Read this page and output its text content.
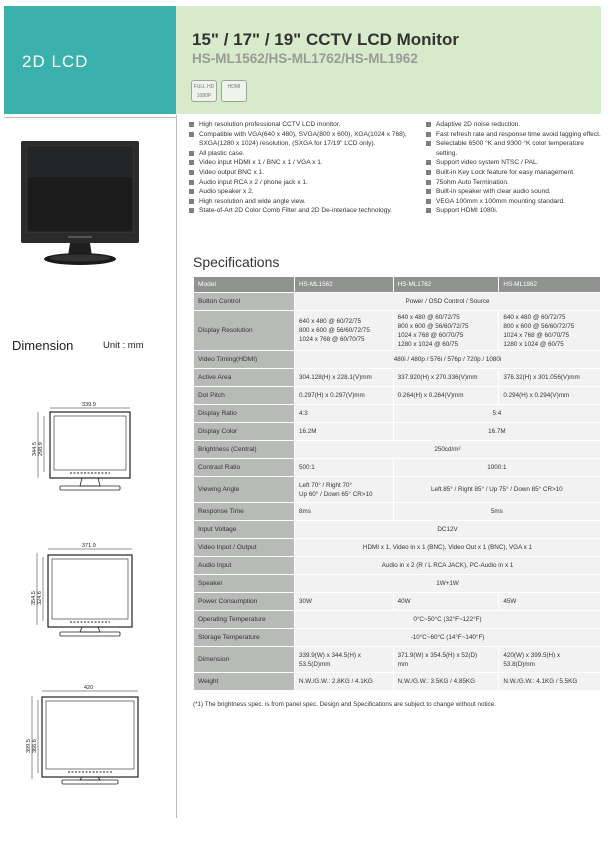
2D LCD
15" / 17" / 19" CCTV LCD Monitor
HS-ML1562/HS-ML1762/HS-ML1962
FULL HD 1080P
HDMI
High resolution professional CCTV LCD monitor.
Compatible with VGA(640 x 480), SVGA(800 x 600), XGA(1024 x 768), SXGA(1280 x 1024) resolution, (SXGA for 17/19" LCD only).
All plastic case.
Video input HDMI x 1 / BNC x 1 / VGA x 1.
Video output BNC x 1.
Audio input RCA x 2 / phone jack x 1.
Audio speaker x 2.
High resolution and wide angle view.
State-of-Art 2D Color Comb Filter and 2D De-interlace technology.
Adaptive 2D noise reduction.
Fast refresh rate and response time avoid lagging effect.
Selectable 6500 °K and 9300 °K color temperature setting.
Support video system NTSC / PAL.
Built-in Key Lock feature for easy management.
75ohm Auto Termination.
Built-in speaker with clear audio sound.
VEGA 100mm x 100mm mounting standard.
Support HDMI 1080i.
Specifications
Model	HS-ML1562	HS-ML1762	HS-ML1962
Button Control	Power / OSD Control / Source		
Display Resolution	640 x 480 @ 60/72/75
800 x 600 @ 56/60/72/75
1024 x 768 @ 60/70/75	640 x 480 @ 60/72/75
800 x 600 @ 56/60/72/75
1024 x 768 @ 60/70/75
1280 x 1024 @ 60/75	640 x 480 @ 60/72/75
800 x 600 @ 56/60/72/75
1024 x 768 @ 60/70/75
1280 x 1024 @ 60/75
Video Timing(HDMI)	480i / 480p / 576i / 576p / 720p / 1080i		
Active Area	304.128(H) x 228.1(V)mm	337.920(H) x 270.336(V)mm	376.32(H) x 301.056(V)mm
Dot Pitch	0.297(H) x 0.297(V)mm	0.264(H) x 0.264(V)mm	0.294(H) x 0.294(V)mm
Display Ratio	4:3	5:4	
Display Color	16.2M	16.7M	
Brightness (Central)	250cd/m²		
Contrast Ratio	500:1	1000:1	
Viewing Angle	Left 70° / Right 70°
Up 60° / Down 65° CR>10	Left 85° / Right 85° / Up 75° / Down 85° CR>10	
Response Time	8ms	5ms	
Input Voltage	DC12V		
Video Input / Output	HDMI x 1, Video in x 1 (BNC), Video Out x 1 (BNC), VGA x 1		
Audio Input	Audio in x 2 (R / L RCA JACK), PC-Audio in x 1		
Speaker	1W+1W		
Power Consumption	30W	40W	45W
Operating Temperature	0°C~50°C (32°F~122°F)		
Storage Temperature	-10°C~60°C (14°F~140°F)		
Dimension	339.9(W) x 344.5(H) x
53.5(D)mm	371.9(W) x 354.5(H) x 52(D)
mm	420(W) x 399.5(H) x
53.8(D)mm
Weight	N.W./G.W.: 2.8KG / 4.1KG	N.W./G.W.: 3.5KG / 4.85KG	N.W./G.W.: 4.1KG / 5.5KG
(*1) The brightness spec. is from panel spec. Design and Specifications are subject to change without notice.
Dimension	Unit : mm
339.9
344.5 298.9
371.9
354.5 324.6
420
399.5 366.6
